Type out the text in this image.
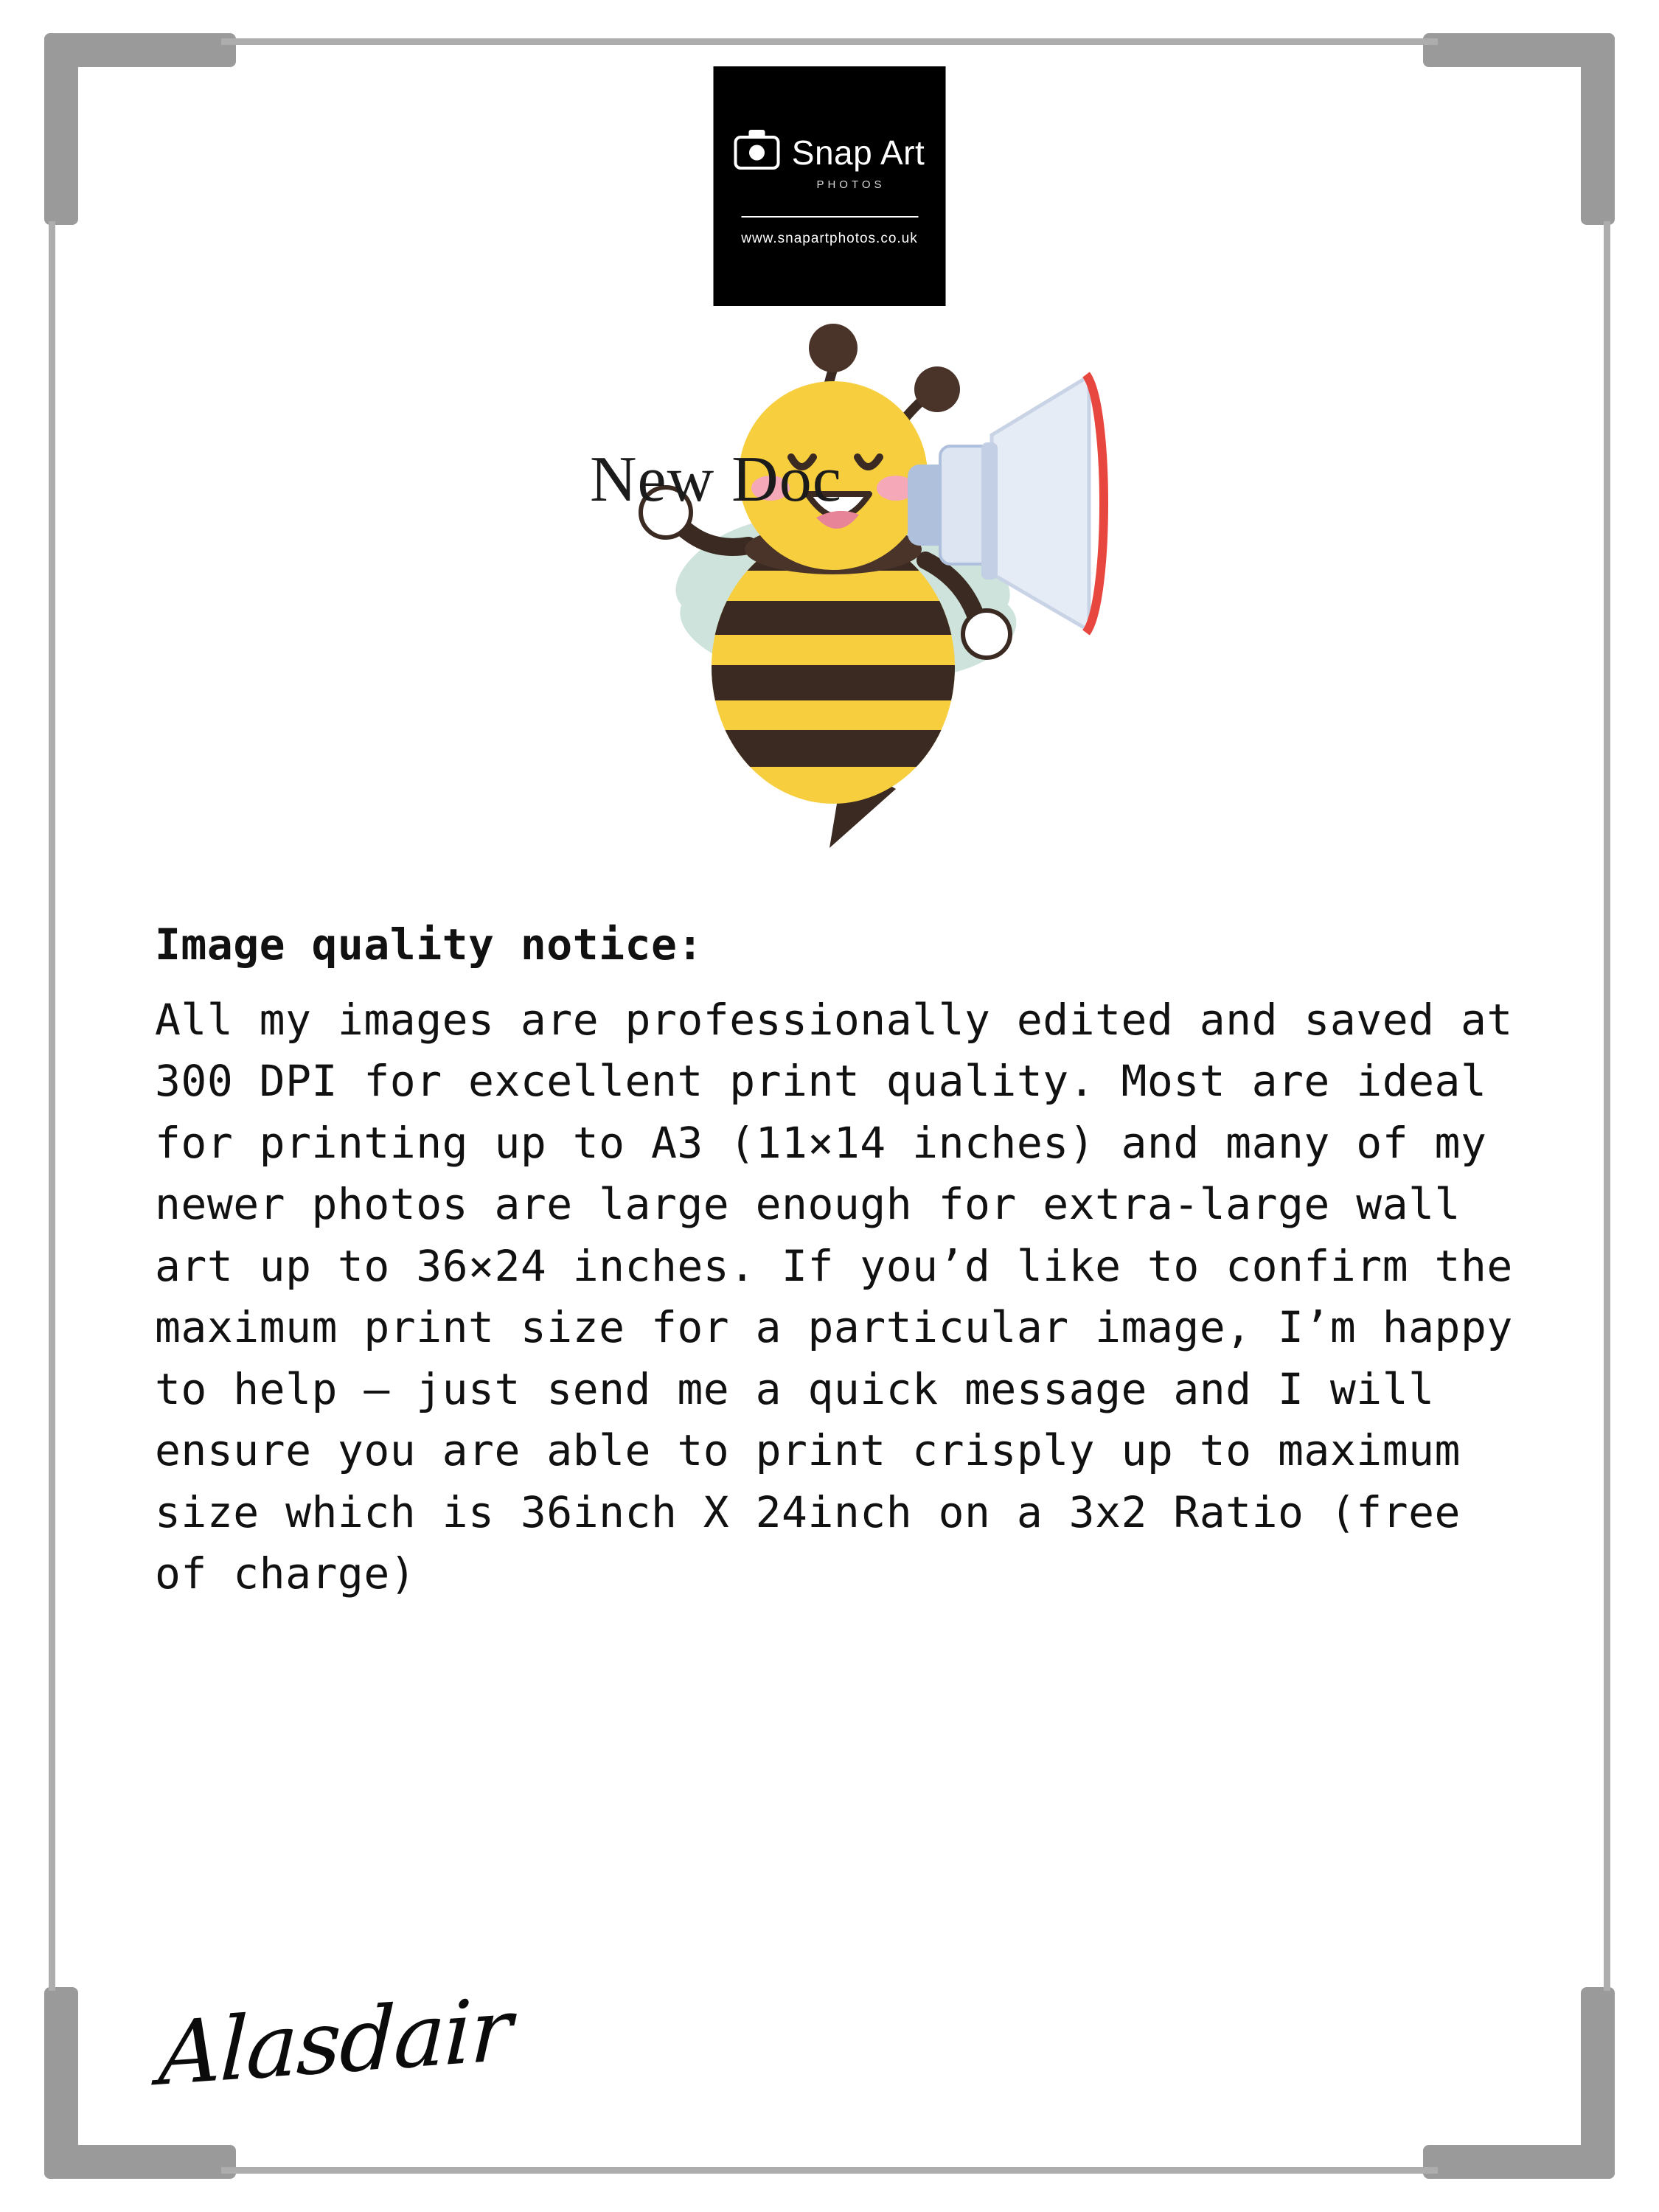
Snap Art
PHOTOS
www.snapartphotos.co.uk
New Doc
Image quality notice:
All my images are professionally edited and saved at 300 DPI for excellent print quality. Most are ideal for printing up to A3 (11×14 inches) and many of my newer photos are large enough for extra-large wall art up to 36×24 inches. If you’d like to confirm the maximum print size for a particular image, I’m happy to help — just send me a quick message and I will ensure you are able to print crisply up to maximum size which is 36inch X 24inch on a 3x2 Ratio (free of charge)
Alasdair
